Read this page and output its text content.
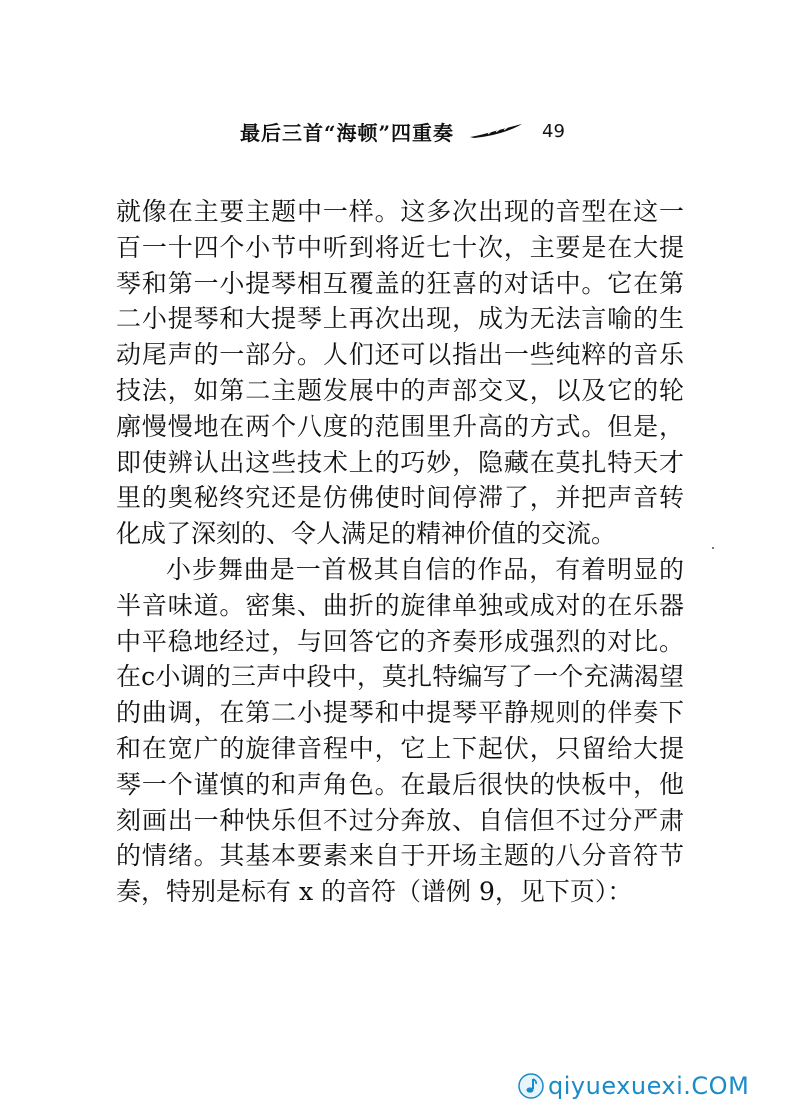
最后三首“海顿”四重奏	49

就像在主要主题中一样。这多次出现的音型在这一百一十四个小节中听到将近七十次，主要是在大提琴和第一小提琴相互覆盖的狂喜的对话中。它在第二小提琴和大提琴上再次出现，成为无法言喻的生动尾声的一部分。人们还可以指出一些纯粹的音乐技法，如第二主题发展中的声部交叉，以及它的轮廓慢慢地在两个八度的范围里升高的方式。但是，即使辨认出这些技术上的巧妙，隐藏在莫扎特天才里的奥秘终究还是仿佛使时间停滞了，并把声音转化成了深刻的、令人满足的精神价值的交流。

小步舞曲是一首极其自信的作品，有着明显的半音味道。密集、曲折的旋律单独或成对的在乐器中平稳地经过，与回答它的齐奏形成强烈的对比。在c小调的三声中段中，莫扎特编写了一个充满渴望的曲调，在第二小提琴和中提琴平静规则的伴奏下和在宽广的旋律音程中，它上下起伏，只留给大提琴一个谨慎的和声角色。在最后很快的快板中，他刻画出一种快乐但不过分奔放、自信但不过分严肃的情绪。其基本要素来自于开场主题的八分音符节奏，特别是标有 x 的音符（谱例 9，见下页）：

qiyuexuexi.COM
